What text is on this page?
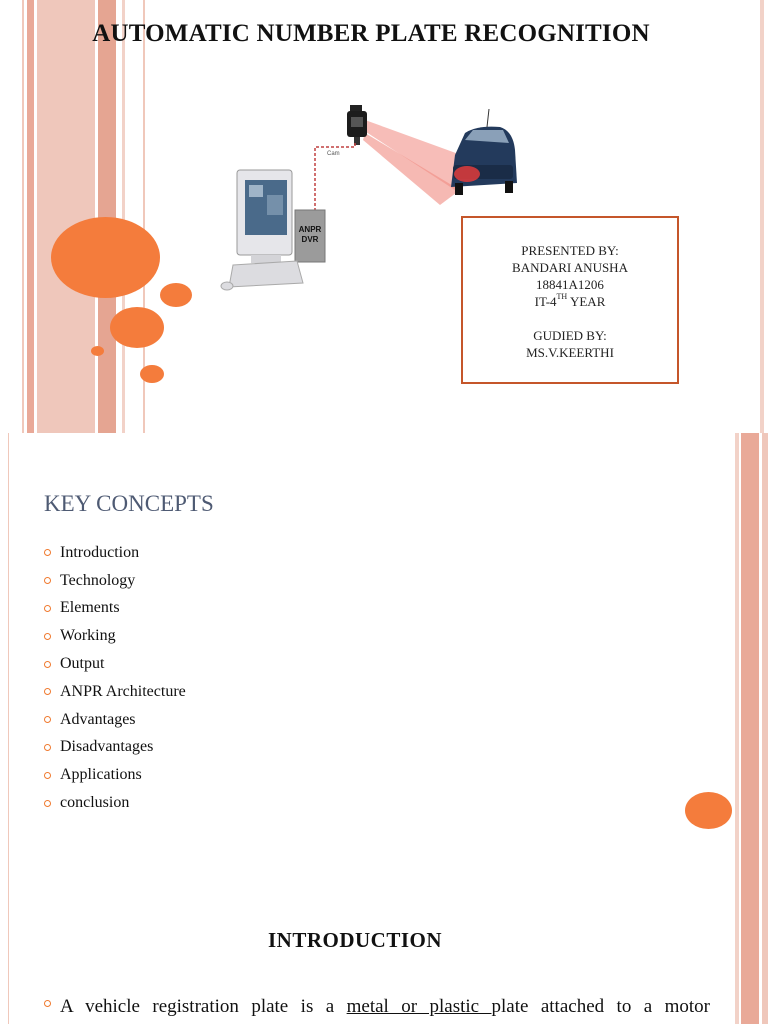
AUTOMATIC NUMBER PLATE RECOGNITION
Cam
ANPR
DVR
PRESENTED BY:
BANDARI ANUSHA
18841A1206
IT-4TH YEAR
GUDIED BY:
MS.V.KEERTHI
KEY CONCEPTS
Introduction
Technology
Elements
Working
Output
ANPR Architecture
Advantages
Disadvantages
Applications
conclusion
INTRODUCTION
A vehicle registration plate is a metal or plastic plate attached to a motor
